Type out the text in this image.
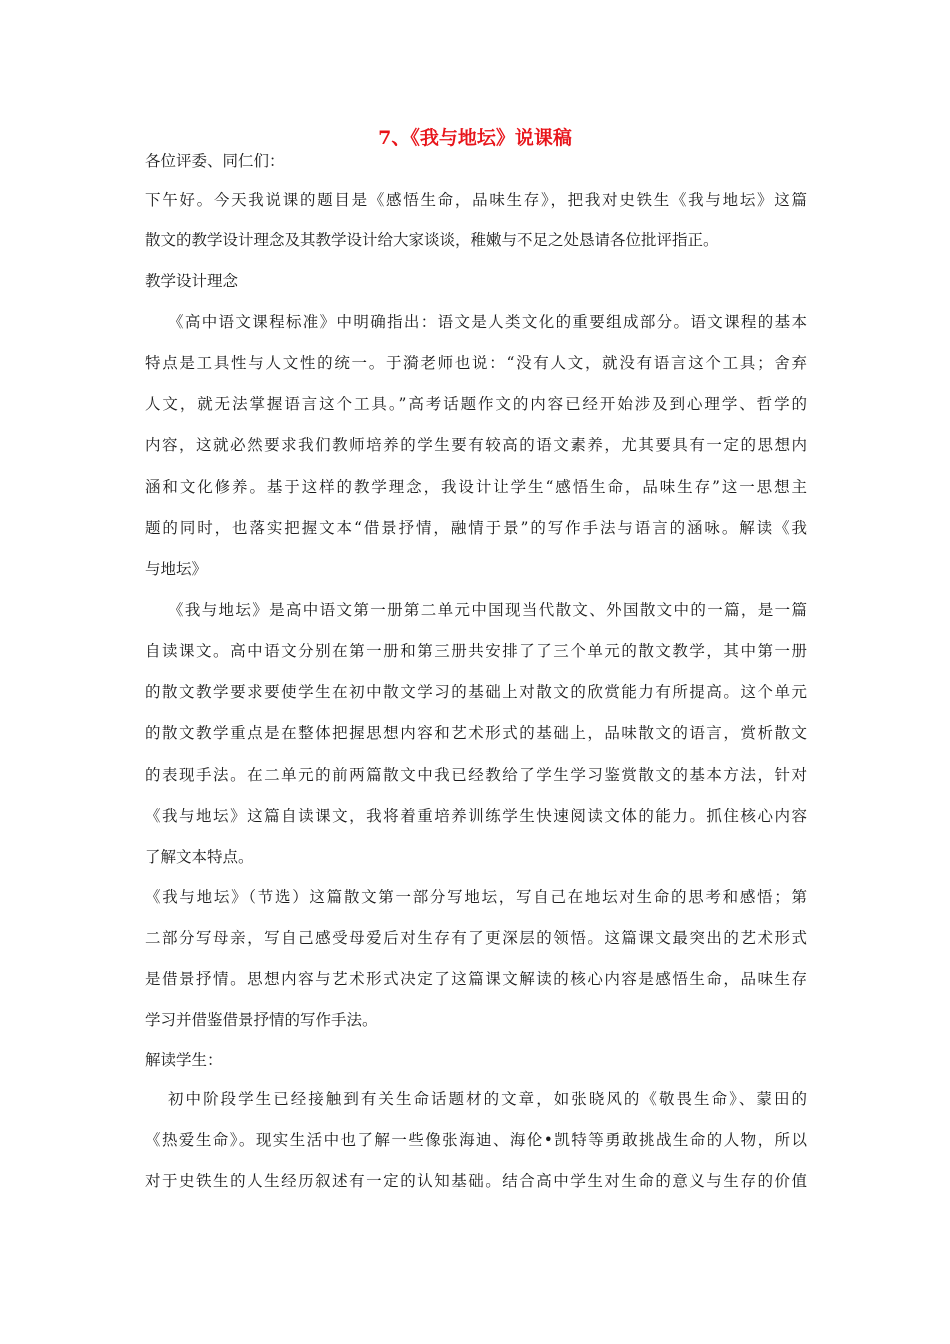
7、《我与地坛》说课稿
各位评委、同仁们：
下午好。今天我说课的题目是《感悟生命，品味生存》，把我对史铁生《我与地坛》这篇
散文的教学设计理念及其教学设计给大家谈谈，稚嫩与不足之处恳请各位批评指正。
教学设计理念
《高中语文课程标准》中明确指出：语文是人类文化的重要组成部分。语文课程的基本
特点是工具性与人文性的统一。于漪老师也说：“没有人文，就没有语言这个工具；舍弃
人文，就无法掌握语言这个工具。”高考话题作文的内容已经开始涉及到心理学、哲学的
内容，这就必然要求我们教师培养的学生要有较高的语文素养，尤其要具有一定的思想内
涵和文化修养。基于这样的教学理念，我设计让学生“感悟生命，品味生存”这一思想主
题的同时，也落实把握文本“借景抒情，融情于景”的写作手法与语言的涵咏。解读《我
与地坛》
《我与地坛》是高中语文第一册第二单元中国现当代散文、外国散文中的一篇，是一篇
自读课文。高中语文分别在第一册和第三册共安排了了三个单元的散文教学，其中第一册
的散文教学要求要使学生在初中散文学习的基础上对散文的欣赏能力有所提高。这个单元
的散文教学重点是在整体把握思想内容和艺术形式的基础上，品味散文的语言，赏析散文
的表现手法。在二单元的前两篇散文中我已经教给了学生学习鉴赏散文的基本方法，针对
《我与地坛》这篇自读课文，我将着重培养训练学生快速阅读文体的能力。抓住核心内容
了解文本特点。
《我与地坛》（节选）这篇散文第一部分写地坛，写自己在地坛对生命的思考和感悟；第
二部分写母亲，写自己感受母爱后对生存有了更深层的领悟。这篇课文最突出的艺术形式
是借景抒情。思想内容与艺术形式决定了这篇课文解读的核心内容是感悟生命，品味生存
学习并借鉴借景抒情的写作手法。
解读学生：
初中阶段学生已经接触到有关生命话题材的文章，如张晓风的《敬畏生命》、蒙田的
《热爱生命》。现实生活中也了解一些像张海迪、海伦•凯特等勇敢挑战生命的人物，所以
对于史铁生的人生经历叙述有一定的认知基础。结合高中学生对生命的意义与生存的价值
